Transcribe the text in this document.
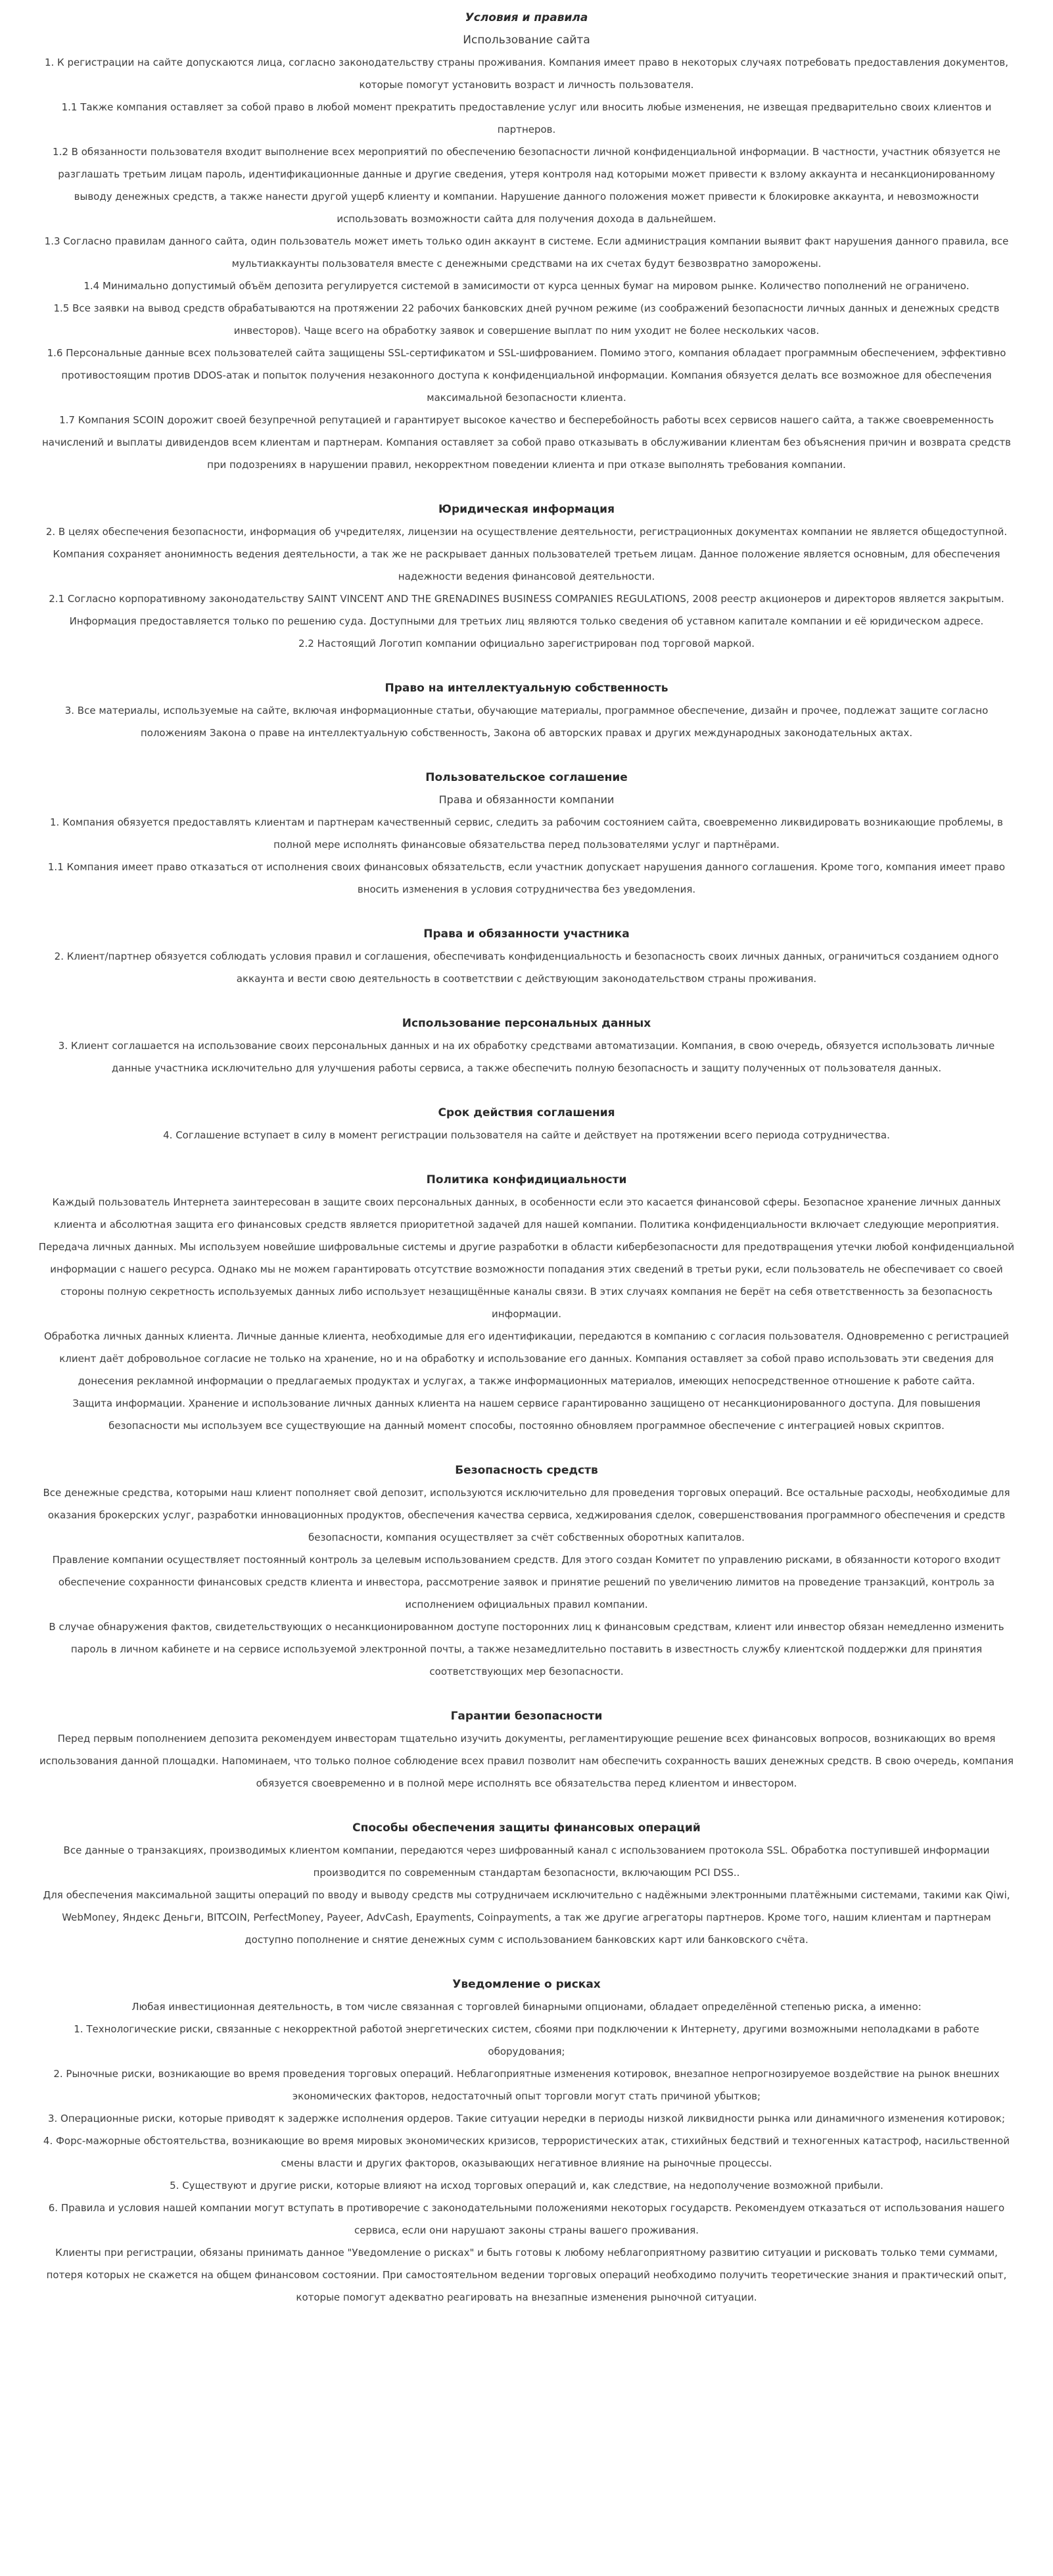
Условия и правила
Использование сайта

1. К регистрации на сайте допускаются лица, согласно законодательству страны проживания. Компания имеет право в некоторых случаях потребовать предоставления документов, которые помогут установить возраст и личность пользователя.

1.1 Также компания оставляет за собой право в любой момент прекратить предоставление услуг или вносить любые изменения, не извещая предварительно своих клиентов и партнеров.

1.2 В обязанности пользователя входит выполнение всех мероприятий по обеспечению безопасности личной конфиденциальной информации. В частности, участник обязуется не разглашать третьим лицам пароль, идентификационные данные и другие сведения, утеря контроля над которыми может привести к взлому аккаунта и несанкционированному выводу денежных средств, а также нанести другой ущерб клиенту и компании. Нарушение данного положения может привести к блокировке аккаунта, и невозможности использовать возможности сайта для получения дохода в дальнейшем.

1.3 Согласно правилам данного сайта, один пользователь может иметь только один аккаунт в системе. Если администрация компании выявит факт нарушения данного правила, все мультиаккаунты пользователя вместе с денежными средствами на их счетах будут безвозвратно заморожены.

1.4 Минимально допустимый объём депозита регулируется системой в замисимости от курса ценных бумаг на мировом рынке. Количество пополнений не ограничено.

1.5 Все заявки на вывод средств обрабатываются на протяжении 22 рабочих банковских дней ручном режиме (из соображений безопасности личных данных и денежных средств инвесторов). Чаще всего на обработку заявок и совершение выплат по ним уходит не более нескольких часов.

1.6 Персональные данные всех пользователей сайта защищены SSL-сертификатом и SSL-шифрованием. Помимо этого, компания обладает программным обеспечением, эффективно противостоящим против DDOS-атак и попыток получения незаконного доступа к конфиденциальной информации. Компания обязуется делать все возможное для обеспечения максимальной безопасности клиента.

1.7 Компания SCOIN дорожит своей безупречной репутацией и гарантирует высокое качество и бесперебойность работы всех сервисов нашего сайта, а также своевременность начислений и выплаты дивидендов всем клиентам и партнерам. Компания оставляет за собой право отказывать в обслуживании клиентам без объяснения причин и возврата средств при подозрениях в нарушении правил, некорректном поведении клиента и при отказе выполнять требования компании.

Юридическая информация

2. В целях обеспечения безопасности, информация об учредителях, лицензии на осуществление деятельности, регистрационных документах компании не является общедоступной. Компания сохраняет анонимность ведения деятельности, а так же не раскрывает данных пользователей третьем лицам. Данное положение является основным, для обеспечения надежности ведения финансовой деятельности.

2.1 Согласно корпоративному законодательству SAINT VINCENT AND THE GRENADINES BUSINESS COMPANIES REGULATIONS, 2008 реестр акционеров и директоров является закрытым. Информация предоставляется только по решению суда. Доступными для третьих лиц являются только сведения об уставном капитале компании и её юридическом адресе.

2.2 Настоящий Логотип компании официально зарегистрирован под торговой маркой.

Право на интеллектуальную собственность

3. Все материалы, используемые на сайте, включая информационные статьи, обучающие материалы, программное обеспечение, дизайн и прочее, подлежат защите согласно положениям Закона о праве на интеллектуальную собственность, Закона об авторских правах и других международных законодательных актах.

Пользовательское соглашение
Права и обязанности компании

1. Компания обязуется предоставлять клиентам и партнерам качественный сервис, следить за рабочим состоянием сайта, своевременно ликвидировать возникающие проблемы, в полной мере исполнять финансовые обязательства перед пользователями услуг и партнёрами.

1.1 Компания имеет право отказаться от исполнения своих финансовых обязательств, если участник допускает нарушения данного соглашения. Кроме того, компания имеет право вносить изменения в условия сотрудничества без уведомления.

Права и обязанности участника

2. Клиент/партнер обязуется соблюдать условия правил и соглашения, обеспечивать конфиденциальность и безопасность своих личных данных, ограничиться созданием одного аккаунта и вести свою деятельность в соответствии с действующим законодательством страны проживания.

Использование персональных данных

3. Клиент соглашается на использование своих персональных данных и на их обработку средствами автоматизации. Компания, в свою очередь, обязуется использовать личные данные участника исключительно для улучшения работы сервиса, а также обеспечить полную безопасность и защиту полученных от пользователя данных.

Срок действия соглашения

4. Соглашение вступает в силу в момент регистрации пользователя на сайте и действует на протяжении всего периода сотрудничества.

Политика конфидициальности

Каждый пользователь Интернета заинтересован в защите своих персональных данных, в особенности если это касается финансовой сферы. Безопасное хранение личных данных клиента и абсолютная защита его финансовых средств является приоритетной задачей для нашей компании. Политика конфиденциальности включает следующие мероприятия.

Передача личных данных. Мы используем новейшие шифровальные системы и другие разработки в области кибербезопасности для предотвращения утечки любой конфиденциальной информации с нашего ресурса. Однако мы не можем гарантировать отсутствие возможности попадания этих сведений в третьи руки, если пользователь не обеспечивает со своей стороны полную секретность используемых данных либо использует незащищённые каналы связи. В этих случаях компания не берёт на себя ответственность за безопасность информации.

Обработка личных данных клиента. Личные данные клиента, необходимые для его идентификации, передаются в компанию с согласия пользователя. Одновременно с регистрацией клиент даёт добровольное согласие не только на хранение, но и на обработку и использование его данных. Компания оставляет за собой право использовать эти сведения для донесения рекламной информации о предлагаемых продуктах и услугах, а также информационных материалов, имеющих непосредственное отношение к работе сайта.

Защита информации. Хранение и использование личных данных клиента на нашем сервисе гарантированно защищено от несанкционированного доступа. Для повышения безопасности мы используем все существующие на данный момент способы, постоянно обновляем программное обеспечение с интеграцией новых скриптов.

Безопасность средств

Все денежные средства, которыми наш клиент пополняет свой депозит, используются исключительно для проведения торговых операций. Все остальные расходы, необходимые для оказания брокерских услуг, разработки инновационных продуктов, обеспечения качества сервиса, хеджирования сделок, совершенствования программного обеспечения и средств безопасности, компания осуществляет за счёт собственных оборотных капиталов.

Правление компании осуществляет постоянный контроль за целевым использованием средств. Для этого создан Комитет по управлению рисками, в обязанности которого входит обеспечение сохранности финансовых средств клиента и инвестора, рассмотрение заявок и принятие решений по увеличению лимитов на проведение транзакций, контроль за исполнением официальных правил компании.

В случае обнаружения фактов, свидетельствующих о несанкционированном доступе посторонних лиц к финансовым средствам, клиент или инвестор обязан немедленно изменить пароль в личном кабинете и на сервисе используемой электронной почты, а также незамедлительно поставить в известность службу клиентской поддержки для принятия соответствующих мер безопасности.

Гарантии безопасности

Перед первым пополнением депозита рекомендуем инвесторам тщательно изучить документы, регламентирующие решение всех финансовых вопросов, возникающих во время использования данной площадки. Напоминаем, что только полное соблюдение всех правил позволит нам обеспечить сохранность ваших денежных средств. В свою очередь, компания обязуется своевременно и в полной мере исполнять все обязательства перед клиентом и инвестором.

Способы обеспечения защиты финансовых операций

Все данные о транзакциях, производимых клиентом компании, передаются через шифрованный канал с использованием протокола SSL. Обработка поступившей информации производится по современным стандартам безопасности, включающим PCI DSS..

Для обеспечения максимальной защиты операций по вводу и выводу средств мы сотрудничаем исключительно с надёжными электронными платёжными системами, такими как Qiwi, WebMoney, Яндекс Деньги, BITCOIN, PerfectMoney, Payeer, AdvCash, Epayments, Coinpayments, а так же другие агрегаторы партнеров. Кроме того, нашим клиентам и партнерам доступно пополнение и снятие денежных сумм с использованием банковских карт или банковского счёта.

Уведомление о рисках

Любая инвестиционная деятельность, в том числе связанная с торговлей бинарными опционами, обладает определённой степенью риска, а именно:

1. Технологические риски, связанные с некорректной работой энергетических систем, сбоями при подключении к Интернету, другими возможными неполадками в работе оборудования;

2. Рыночные риски, возникающие во время проведения торговых операций. Неблагоприятные изменения котировок, внезапное непрогнозируемое воздействие на рынок внешних экономических факторов, недостаточный опыт торговли могут стать причиной убытков;

3. Операционные риски, которые приводят к задержке исполнения ордеров. Такие ситуации нередки в периоды низкой ликвидности рынка или динамичного изменения котировок;

4. Форс-мажорные обстоятельства, возникающие во время мировых экономических кризисов, террористических атак, стихийных бедствий и техногенных катастроф, насильственной смены власти и других факторов, оказывающих негативное влияние на рыночные процессы.

5. Существуют и другие риски, которые влияют на исход торговых операций и, как следствие, на недополучение возможной прибыли.

6. Правила и условия нашей компании могут вступать в противоречие с законодательными положениями некоторых государств. Рекомендуем отказаться от использования нашего сервиса, если они нарушают законы страны вашего проживания.

Клиенты при регистрации, обязаны принимать данное "Уведомление о рисках" и быть готовы к любому неблагоприятному развитию ситуации и рисковать только теми суммами, потеря которых не скажется на общем финансовом состоянии. При самостоятельном ведении торговых операций необходимо получить теоретические знания и практический опыт, которые помогут адекватно реагировать на внезапные изменения рыночной ситуации.
